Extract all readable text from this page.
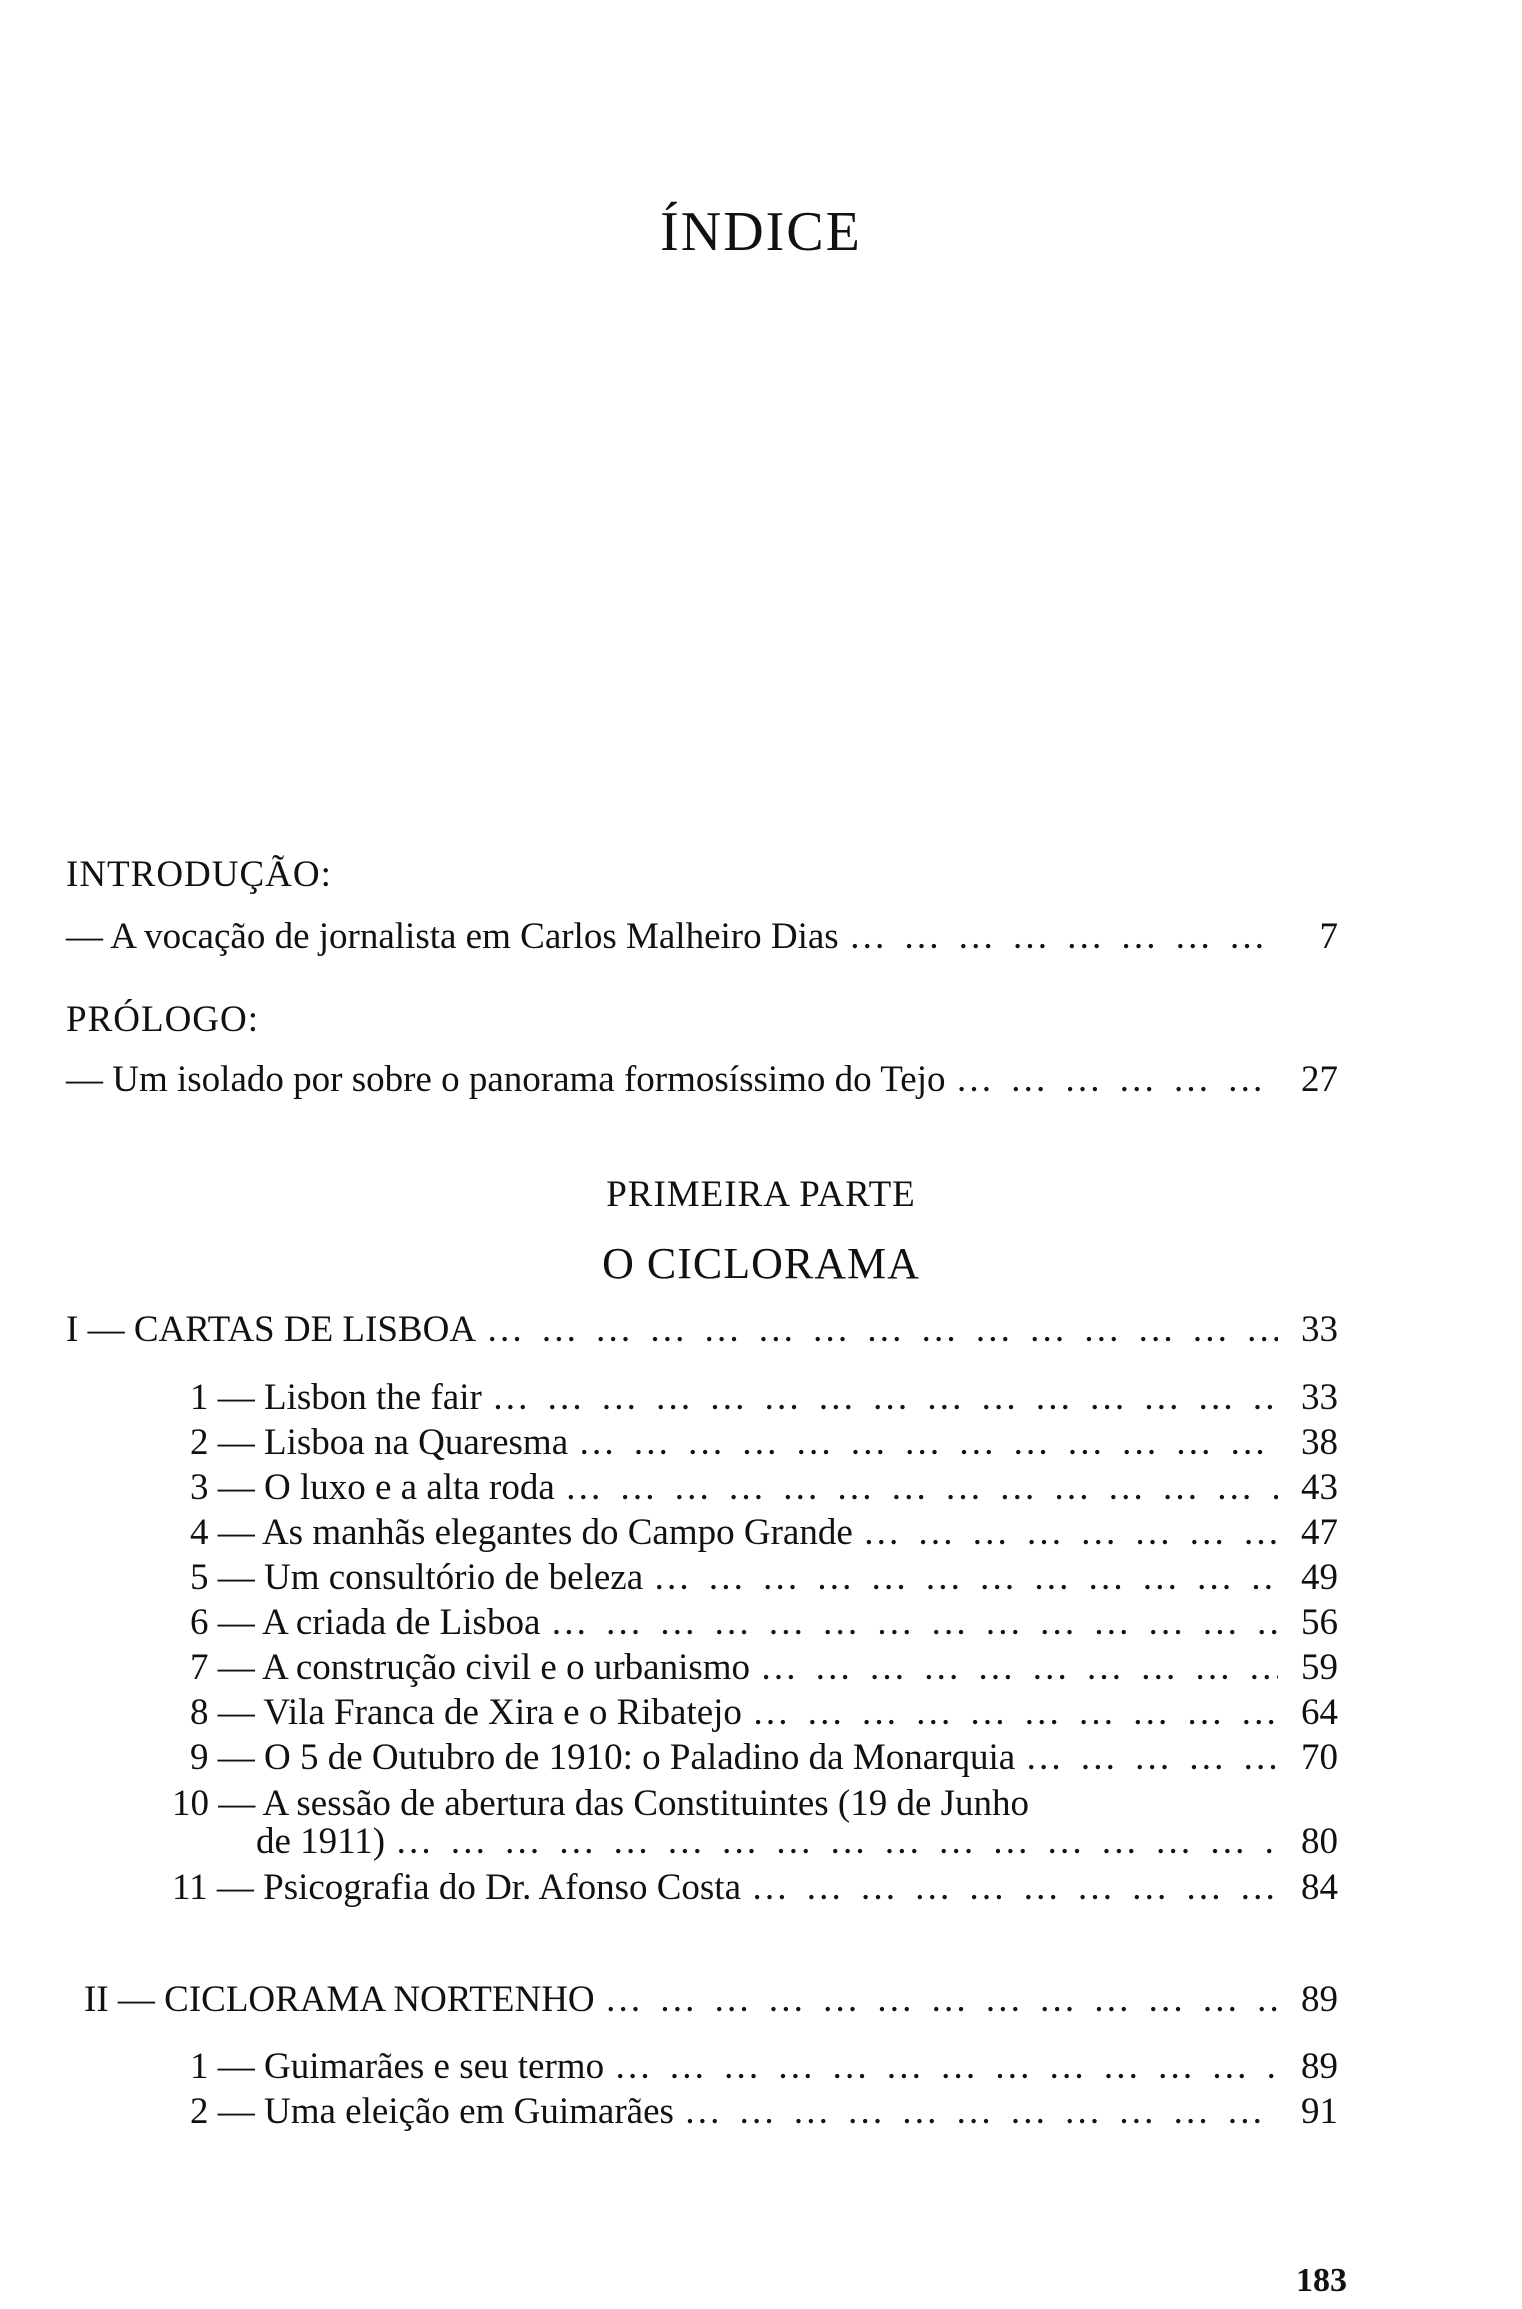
ÍNDICE
INTRODUÇÃO:
— A vocação de jornalista em Carlos Malheiro Dias … … … … … … … … … … … … … … … … … … … … … … … … … … … … … … … … … … … … … … …	7
PRÓLOGO:
— Um isolado por sobre o panorama formosíssimo do Tejo … … … … … … … … … … … … … … … … … … … … … … … … … … … … … … … … … … … … … … …	27
PRIMEIRA PARTE
O CICLORAMA
I — CARTAS DE LISBOA … … … … … … … … … … … … … … … … … … … … … … … … … … … … … … … … … … … … … … …	33
1 — Lisbon the fair … … … … … … … … … … … … … … … … … … … … … … … … … … … … … … … … … … … … … … …	33
2 — Lisboa na Quaresma … … … … … … … … … … … … … … … … … … … … … … … … … … … … … … … … … … … … … … …	38
3 — O luxo e a alta roda … … … … … … … … … … … … … … … … … … … … … … … … … … … … … … … … … … … … … … …	43
4 — As manhãs elegantes do Campo Grande … … … … … … … … … … … … … … … … … … … … … … … … … … … … … … … … … … … … … … …	47
5 — Um consultório de beleza … … … … … … … … … … … … … … … … … … … … … … … … … … … … … … … … … … … … … … …	49
6 — A criada de Lisboa … … … … … … … … … … … … … … … … … … … … … … … … … … … … … … … … … … … … … … …	56
7 — A construção civil e o urbanismo … … … … … … … … … … … … … … … … … … … … … … … … … … … … … … … … … … … … … … …	59
8 — Vila Franca de Xira e o Ribatejo … … … … … … … … … … … … … … … … … … … … … … … … … … … … … … … … … … … … … … …	64
9 — O 5 de Outubro de 1910: o Paladino da Monarquia … … … … … … … … … … … … … … … … … … … … … … … … … … … … … … … … … … … … … … …	70
10 — A sessão de abertura das Constituintes (19 de Junho
de 1911) … … … … … … … … … … … … … … … … … … … … … … … … … … … … … … … … … … … … … … …	80
11 — Psicografia do Dr. Afonso Costa … … … … … … … … … … … … … … … … … … … … … … … … … … … … … … … … … … … … … … …	84
II — CICLORAMA NORTENHO … … … … … … … … … … … … … … … … … … … … … … … … … … … … … … … … … … … … … … …	89
1 — Guimarães e seu termo … … … … … … … … … … … … … … … … … … … … … … … … … … … … … … … … … … … … … … …	89
2 — Uma eleição em Guimarães … … … … … … … … … … … … … … … … … … … … … … … … … … … … … … … … … … … … … … …	91
183
